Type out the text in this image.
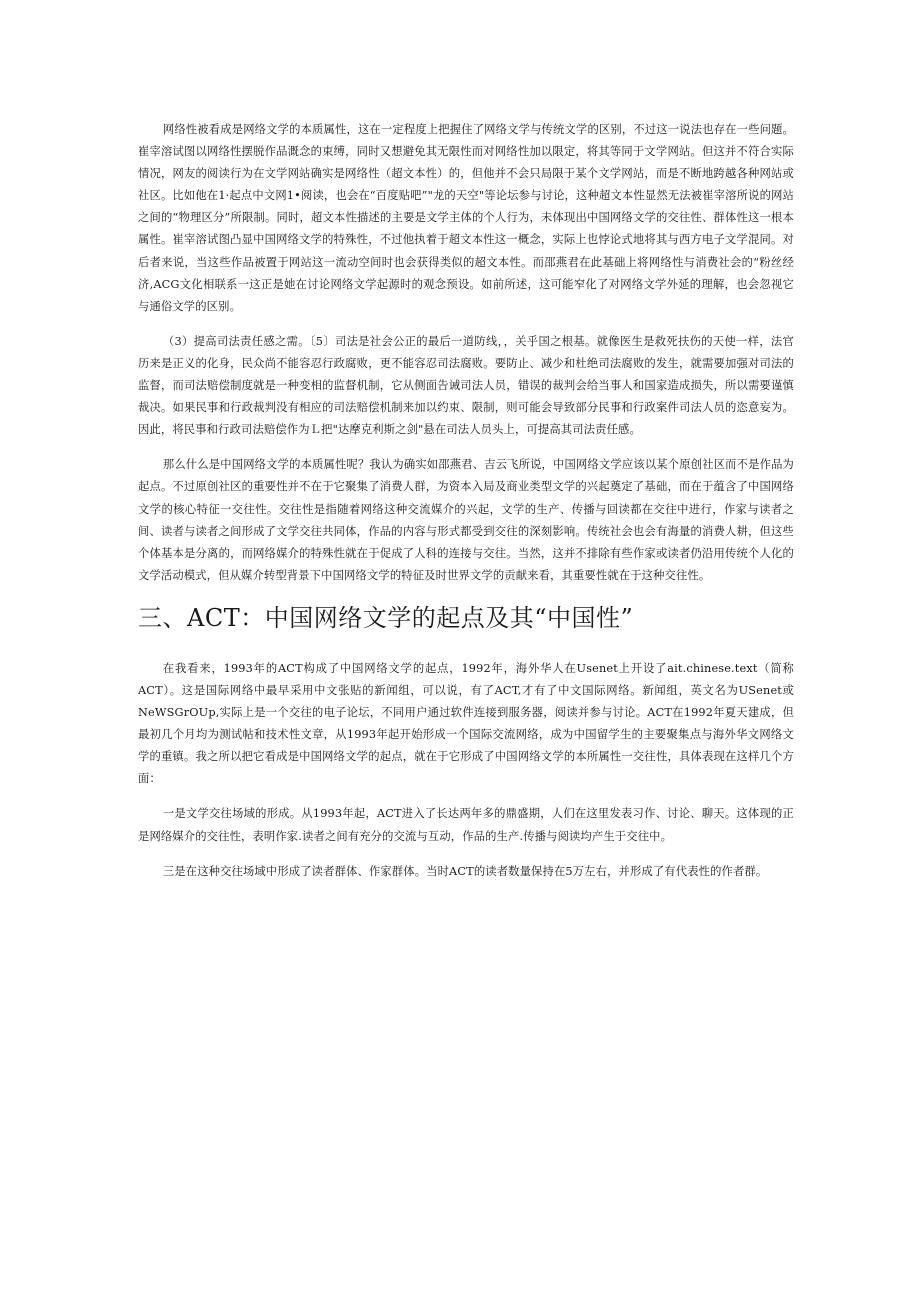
网络性被看成是网络文学的本质属性，这在一定程度上把握住了网络文学与传统文学的区别，不过这一说法也存在一些问题。崔宰溶试图以网络性摆脱作品溉念的束缚，同时又想避免其无限性而对网络性加以限定，将其等同于文学网站。但这并不符合实际情况，网友的阅读行为在文学网站确实是网络性（超文本性）的，但他并不会只局限于某个文学网站，而是不断地跨越各种网站或社区。比如他在1·起点中文网1•阅读，也会在“百度贴吧”"龙的天空"等论坛参与讨论，这种超文本性显然无法被崔宰溶所说的网站之间的“物理区分”所限制。同时，超文本性描述的主要是文学主体的个人行为，未体现出中国网络文学的交往性、群体性这一根本属性。崔宰溶试图凸显中国网络文学的特殊性，不过他执着于超文本性这一概念，实际上也悖论式地将其与西方电子文学混同。对后者来说，当这些作品被置于网站这一流动空间时也会获得类似的超文本性。而邵燕君在此基础上将网络性与消费社会的“粉丝经济,ACG文化相联系一这正是她在讨论网络文学起源时的观念预设。如前所述，这可能窄化了对网络文学外延的理解，也会忽视它与通俗文学的区别。

（3）提高司法责任感之需。〔5〕司法是社会公正的最后一道防线，，关乎国之根基。就像医生是救死扶伤的天使一样，法官历来是正义的化身，民众尚不能容忍行政腐败，更不能容忍司法腐败。要防止、减少和杜绝司法腐败的发生，就需要加强对司法的监督，而司法赔偿制度就是一种变相的监督机制，它从侧面告诫司法人员，错误的裁判会给当事人和国家造成损失，所以需要谨慎裁决。如果民事和行政裁判没有相应的司法赔偿机制来加以约束、限制，则可能会导致部分民事和行政案件司法人员的恣意妄为。因此，将民事和行政司法赔偿作为Ｌ把"达摩克利斯之剑"悬在司法人员头上，可提高其司法责任感。

那么什么是中国网络文学的本质属性呢？我认为确实如邵燕君、吉云飞所说，中国网络文学应该以某个原创社区而不是作品为起点。不过原创社区的重要性并不在于它聚集了消费人群，为资本入局及商业类型文学的兴起奠定了基础，而在于蕴含了中国网络文学的核心特征一交往性。交往性是指随着网络这种交流媒介的兴起，文学的生产、传播与回读都在交往中进行，作家与读者之间、读者与读者之间形成了文学交往共同体，作品的内容与形式都受到交往的深刻影响。传统社会也会有海量的消费人耕，但这些个体基本是分离的，而网络媒介的特殊性就在于促成了人科的连接与交往。当然，这并不排除有些作家或读者仍沿用传统个人化的文学活动模式，但从媒介转型背景下中国网络文学的特征及时世界文学的贡献来看，其重要性就在于这种交往性。

三、ACT：中国网络文学的起点及其“中国性”

在我看来，1993年的ACT构成了中国网络文学的起点，1992年，海外华人在Usenet上开设了ait.chinese.text（简称ACT）。这是国际网络中最早采用中文张贴的新闻组，可以说，有了ACT,才有了中文国际网络。新闻组，英文名为USenet或NeWSGrOUp,实际上是一个交往的电子论坛，不同用户通过软件连接到服务器，阅读并参与讨论。ACT在1992年夏天建成，但最初几个月均为测试帖和技术性文章，从1993年起开始形成一个国际交流网络，成为中国留学生的主要聚集点与海外华文网络文学的重镇。我之所以把它看成是中国网络文学的起点，就在于它形成了中国网络文学的本所属性一交往性，具体表现在这样几个方面：

一是文学交往场域的形成。从1993年起，ACT进入了长达两年多的鼎盛期，人们在这里发表习作、讨论、聊天。这体现的正是网络媒介的交往性，表明作家.读者之间有充分的交流与互动，作品的生产.传播与阅读均产生于交往中。

三是在这种交往场域中形成了读者群体、作家群体。当时ACT的读者数量保持在5万左右，并形成了有代表性的作者群。
